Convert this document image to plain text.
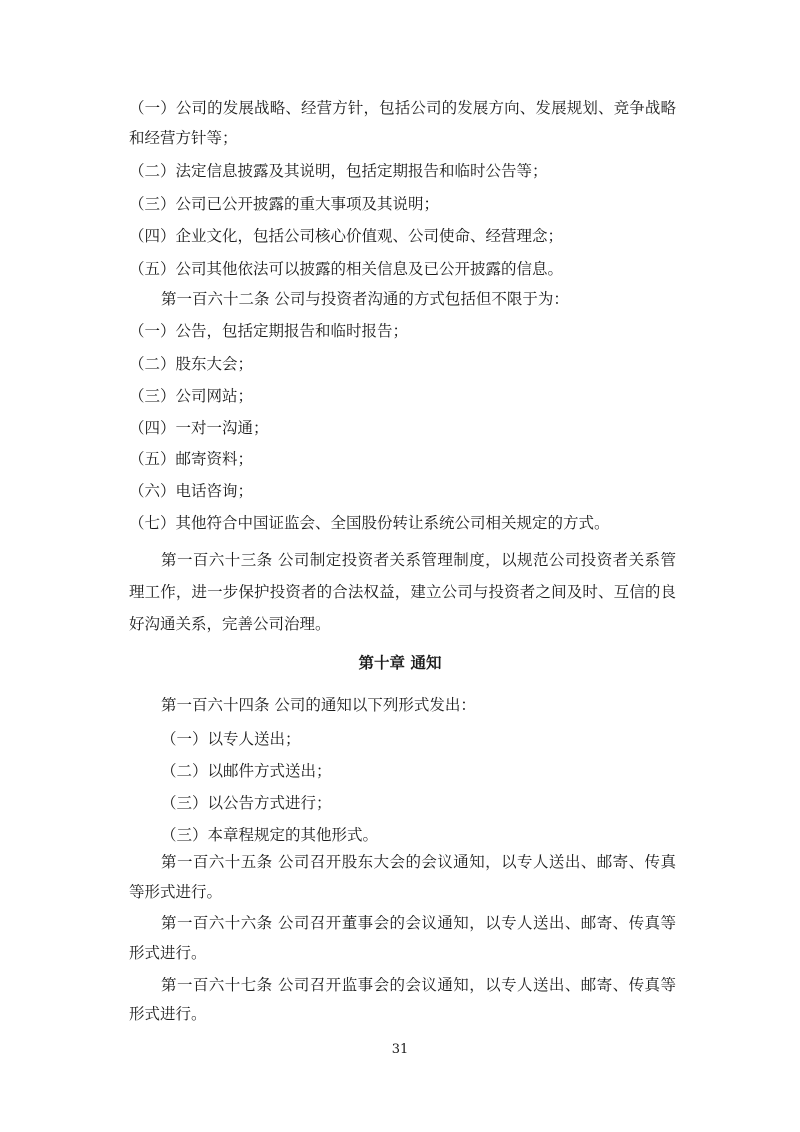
（一）公司的发展战略、经营方针，包括公司的发展方向、发展规划、竞争战略

和经营方针等；

（二）法定信息披露及其说明，包括定期报告和临时公告等；

（三）公司已公开披露的重大事项及其说明；

（四）企业文化，包括公司核心价值观、公司使命、经营理念；

（五）公司其他依法可以披露的相关信息及已公开披露的信息。

第一百六十二条 公司与投资者沟通的方式包括但不限于为：

（一）公告，包括定期报告和临时报告；

（二）股东大会；

（三）公司网站；

（四）一对一沟通；

（五）邮寄资料；

（六）电话咨询；

（七）其他符合中国证监会、全国股份转让系统公司相关规定的方式。

第一百六十三条 公司制定投资者关系管理制度，以规范公司投资者关系管

理工作，进一步保护投资者的合法权益，建立公司与投资者之间及时、互信的良

好沟通关系，完善公司治理。

第十章 通知

第一百六十四条 公司的通知以下列形式发出：

（一）以专人送出；

（二）以邮件方式送出；

（三）以公告方式进行；

（三）本章程规定的其他形式。

第一百六十五条 公司召开股东大会的会议通知，以专人送出、邮寄、传真

等形式进行。

第一百六十六条 公司召开董事会的会议通知，以专人送出、邮寄、传真等

形式进行。

第一百六十七条 公司召开监事会的会议通知，以专人送出、邮寄、传真等

形式进行。

31
